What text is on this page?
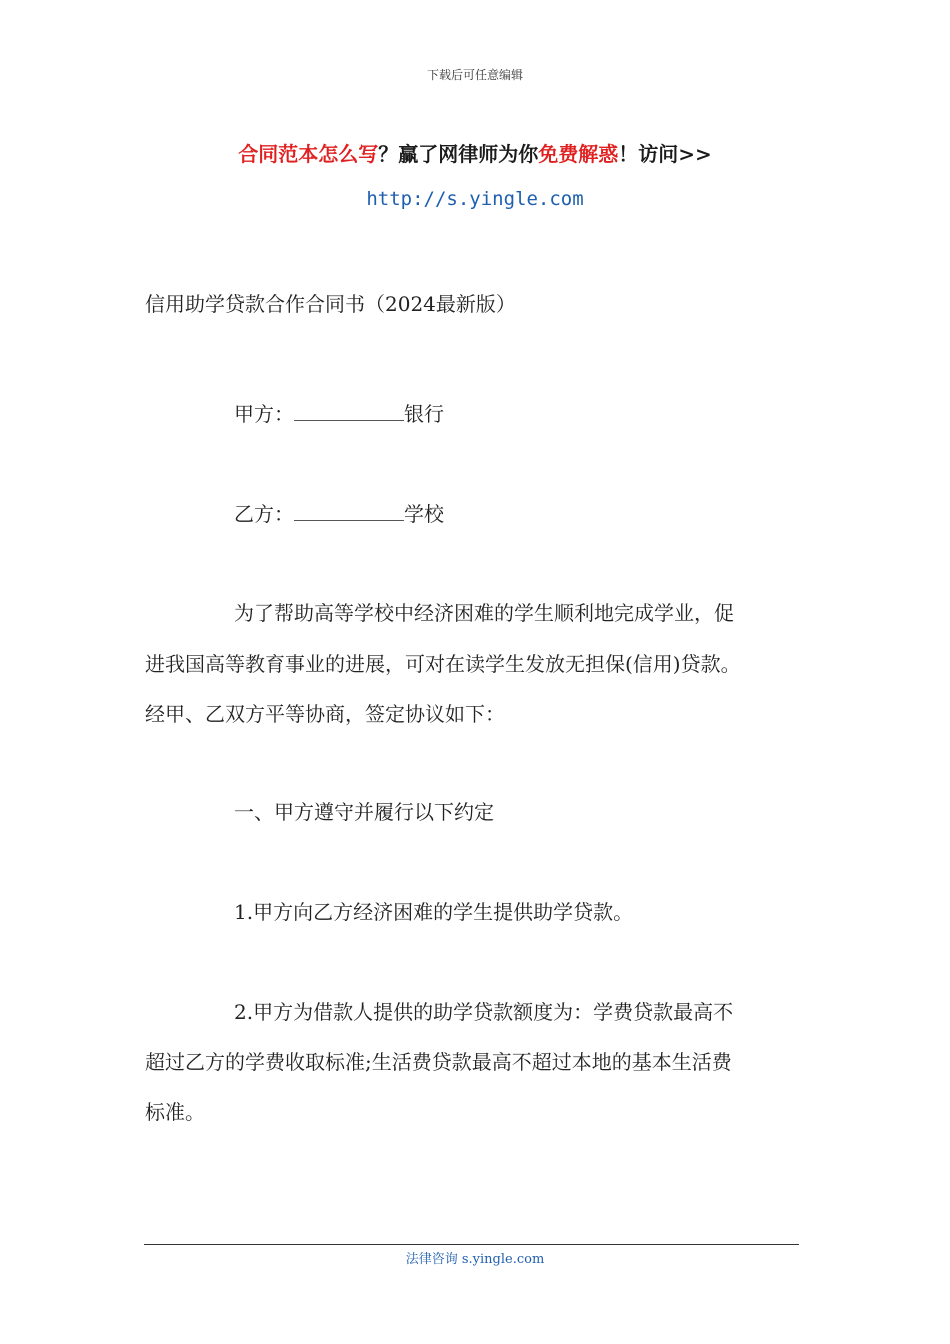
下载后可任意编辑
合同范本怎么写？赢了网律师为你免费解惑！访问>>
http://s.yingle.com
信用助学贷款合作合同书（2024最新版）
甲方：	银行
乙方：	学校
为了帮助高等学校中经济困难的学生顺利地完成学业，促
进我国高等教育事业的进展，可对在读学生发放无担保(信用)贷款。
经甲、乙双方平等协商，签定协议如下：
一、甲方遵守并履行以下约定
1.甲方向乙方经济困难的学生提供助学贷款。
2.甲方为借款人提供的助学贷款额度为：学费贷款最高不
超过乙方的学费收取标准;生活费贷款最高不超过本地的基本生活费
标准。
法律咨询 s.yingle.com
